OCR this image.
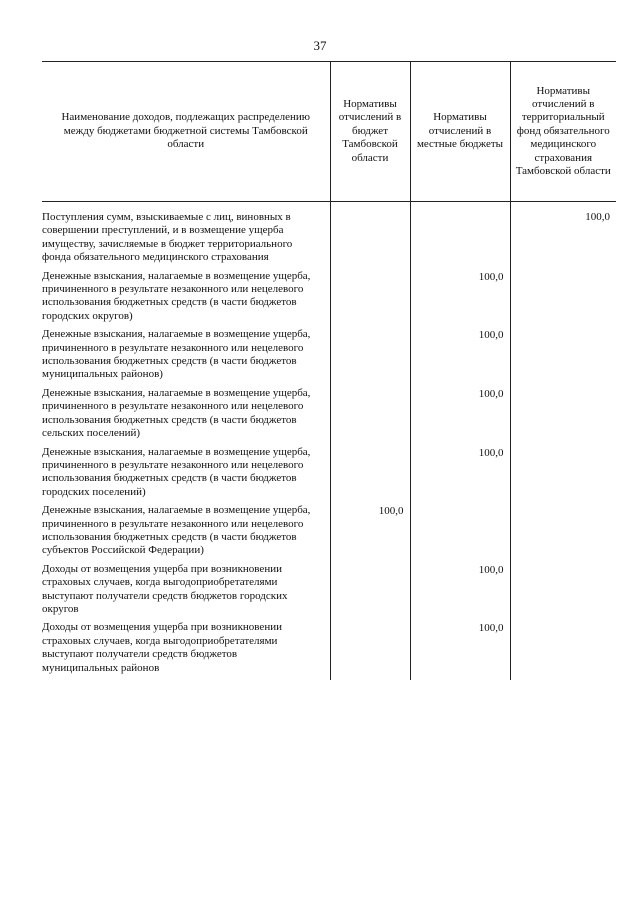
37
Наименование доходов, подлежащих распределению между бюджетами бюджетной системы Тамбовской области	Нормативы отчислений в бюджет Тамбовской области	Нормативы отчислений в местные бюджеты	Нормативы отчислений в территориальный фонд обязательного медицинского страхования Тамбовской области
Поступления сумм, взыскиваемые с лиц, виновных в совершении преступлений, и в возмещение ущерба имуществу, зачисляемые в бюджет территориального фонда обязательного медицинского страхования			100,0
Денежные взыскания, налагаемые в возмещение ущерба, причиненного в результате незаконного или нецелевого использования бюджетных средств (в части бюджетов городских округов)		100,0	
Денежные взыскания, налагаемые в возмещение ущерба, причиненного в результате незаконного или нецелевого использования бюджетных средств (в части бюджетов муниципальных районов)		100,0	
Денежные взыскания, налагаемые в возмещение ущерба, причиненного в результате незаконного или нецелевого использования бюджетных средств (в части бюджетов сельских поселений)		100,0	
Денежные взыскания, налагаемые в возмещение ущерба, причиненного в результате незаконного или нецелевого использования бюджетных средств (в части бюджетов городских поселений)		100,0	
Денежные взыскания, налагаемые в возмещение ущерба, причиненного в результате незаконного или нецелевого использования бюджетных средств (в части бюджетов субъектов Российской Федерации)	100,0		
Доходы от возмещения ущерба при возникновении страховых случаев, когда выгодоприобретателями выступают получатели средств бюджетов городских округов		100,0	
Доходы от возмещения ущерба при возникновении страховых случаев, когда выгодоприобретателями выступают получатели средств бюджетов муниципальных районов		100,0	
